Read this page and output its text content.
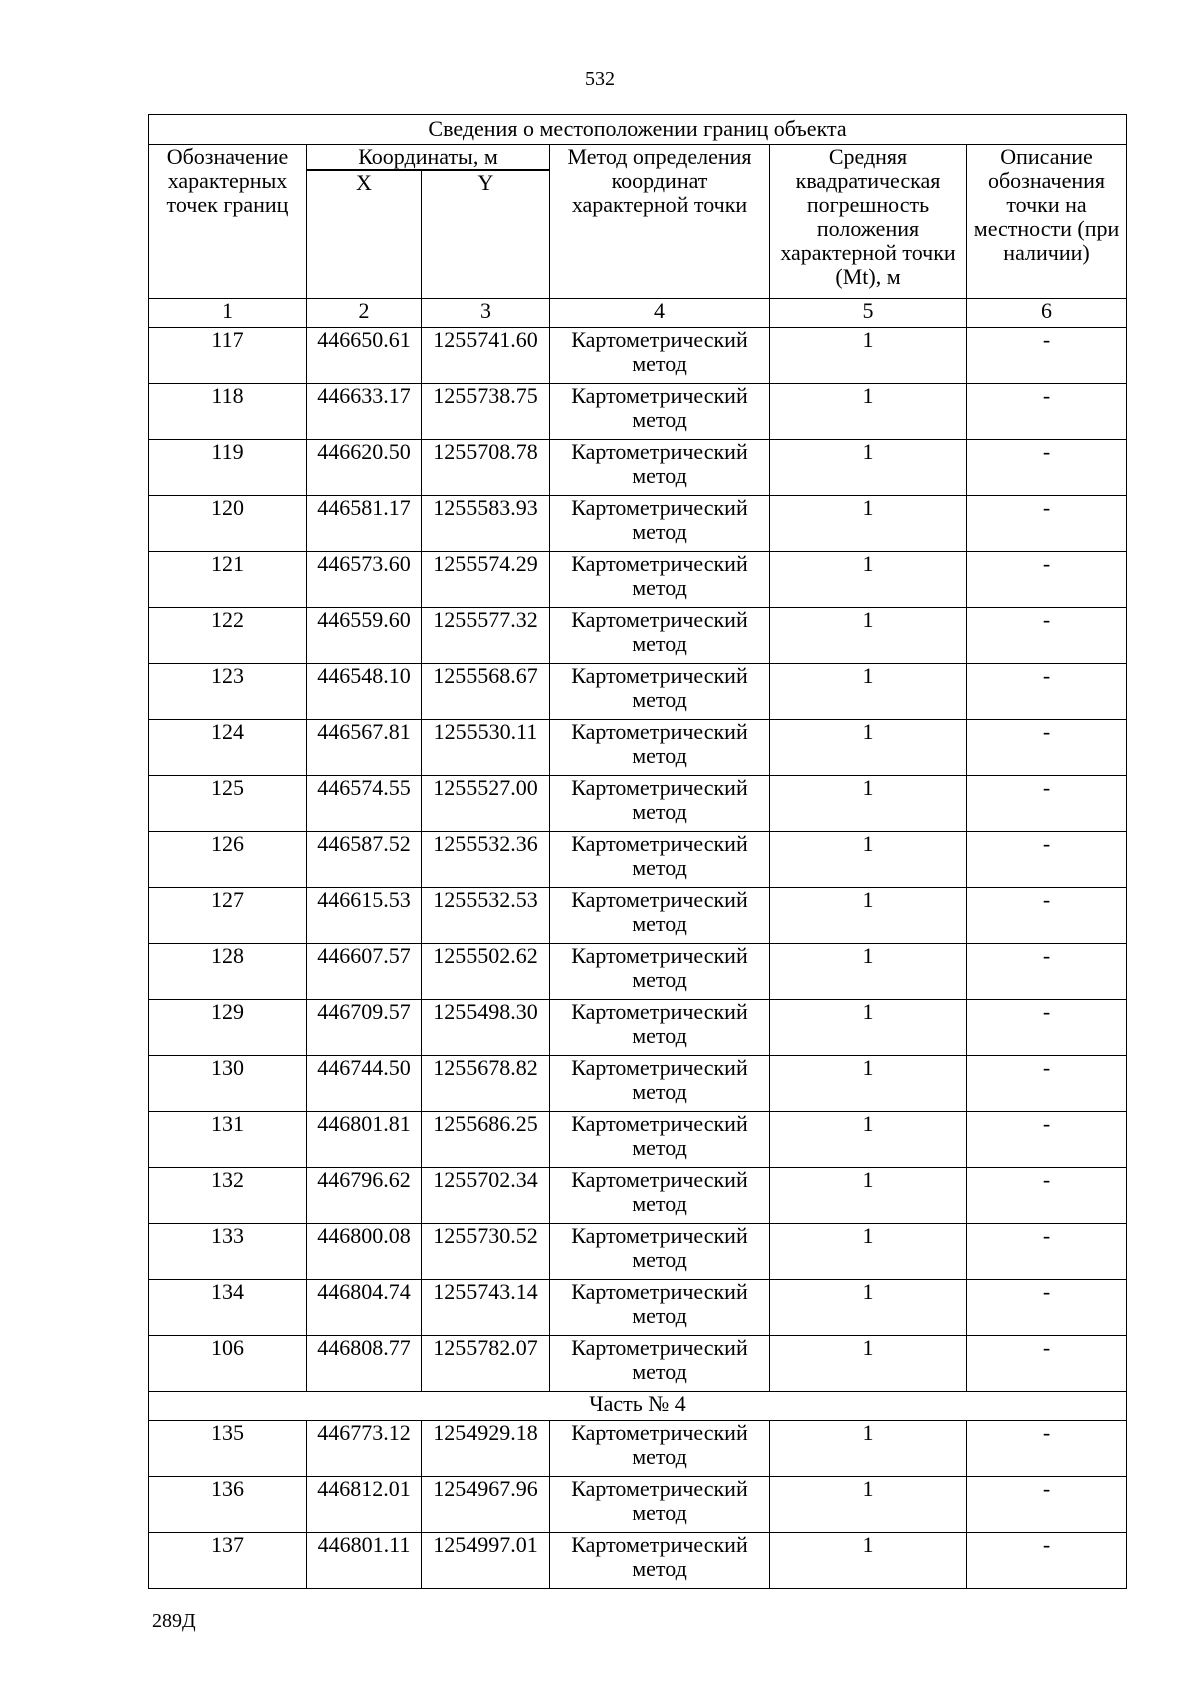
532
Сведения о местоположении границ объекта					
Обозначение характерных точек границ	Координаты, м		Метод определения координат характерной точки	Средняя квадратическая погрешность положения характерной точки (Mt), м	Описание обозначения точки на местности (при наличии)
	X	Y			
1	2	3	4	5	6
117	446650.61	1255741.60	Картометрический метод	1	-
118	446633.17	1255738.75	Картометрический метод	1	-
119	446620.50	1255708.78	Картометрический метод	1	-
120	446581.17	1255583.93	Картометрический метод	1	-
121	446573.60	1255574.29	Картометрический метод	1	-
122	446559.60	1255577.32	Картометрический метод	1	-
123	446548.10	1255568.67	Картометрический метод	1	-
124	446567.81	1255530.11	Картометрический метод	1	-
125	446574.55	1255527.00	Картометрический метод	1	-
126	446587.52	1255532.36	Картометрический метод	1	-
127	446615.53	1255532.53	Картометрический метод	1	-
128	446607.57	1255502.62	Картометрический метод	1	-
129	446709.57	1255498.30	Картометрический метод	1	-
130	446744.50	1255678.82	Картометрический метод	1	-
131	446801.81	1255686.25	Картометрический метод	1	-
132	446796.62	1255702.34	Картометрический метод	1	-
133	446800.08	1255730.52	Картометрический метод	1	-
134	446804.74	1255743.14	Картометрический метод	1	-
106	446808.77	1255782.07	Картометрический метод	1	-
Часть № 4					
135	446773.12	1254929.18	Картометрический метод	1	-
136	446812.01	1254967.96	Картометрический метод	1	-
137	446801.11	1254997.01	Картометрический метод	1	-
289Д
